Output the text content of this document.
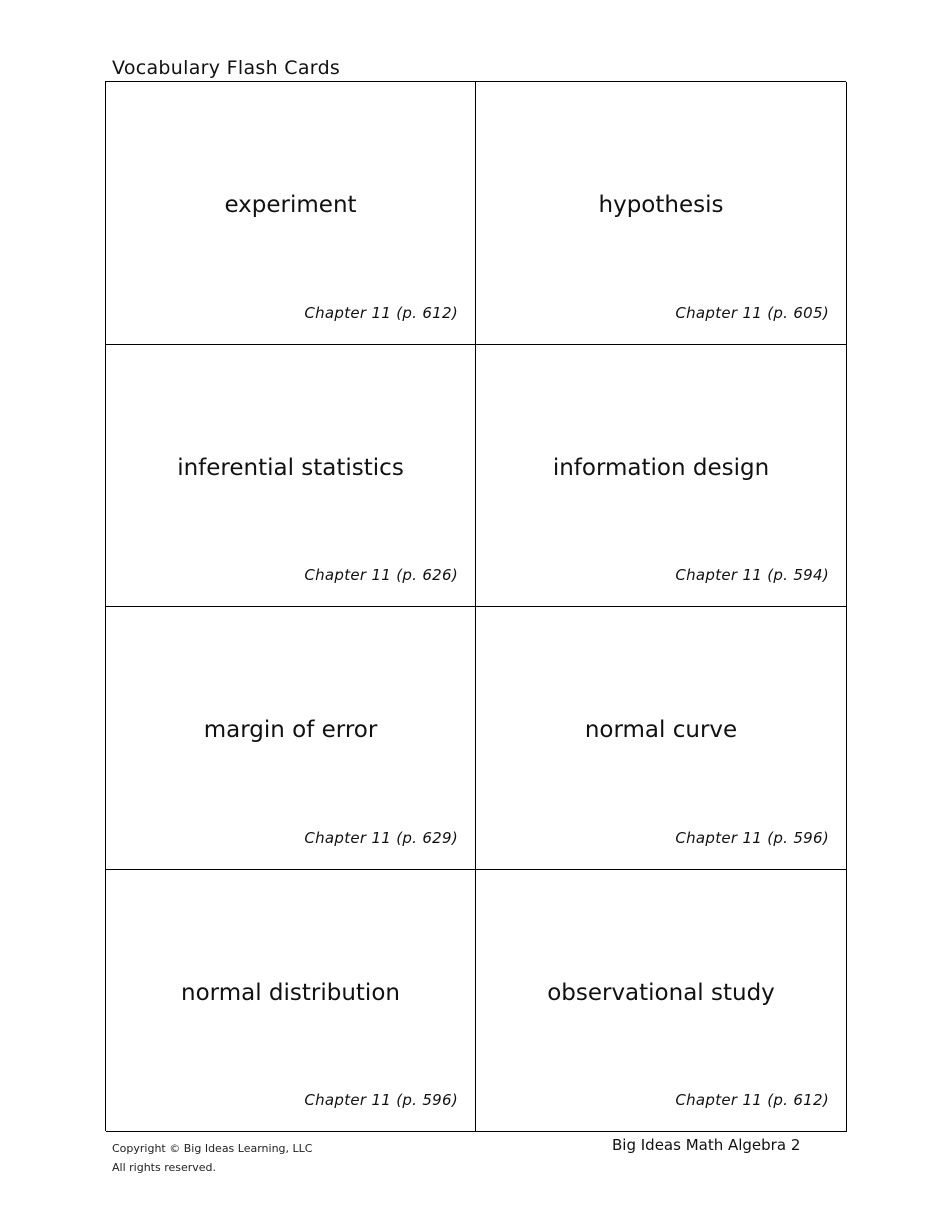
Vocabulary Flash Cards
experiment
Chapter 11 (p. 612)
hypothesis
Chapter 11 (p. 605)
inferential statistics
Chapter 11 (p. 626)
information design
Chapter 11 (p. 594)
margin of error
Chapter 11 (p. 629)
normal curve
Chapter 11 (p. 596)
normal distribution
Chapter 11 (p. 596)
observational study
Chapter 11 (p. 612)
Copyright © Big Ideas Learning, LLC
All rights reserved.
Big Ideas Math Algebra 2
